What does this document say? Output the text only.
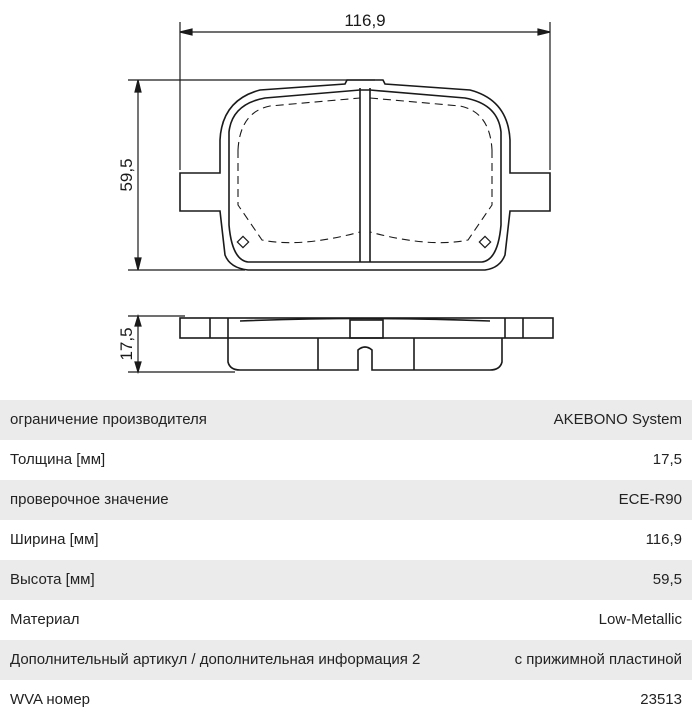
116,9
59,5
17,5
ограничение производителя	AKEBONO System
Толщина [мм]	17,5
проверочное значение	ECE-R90
Ширина [мм]	116,9
Высота [мм]	59,5
Материал	Low-Metallic
Дополнительный артикул / дополнительная информация 2	с прижимной пластиной
WVA номер	23513
